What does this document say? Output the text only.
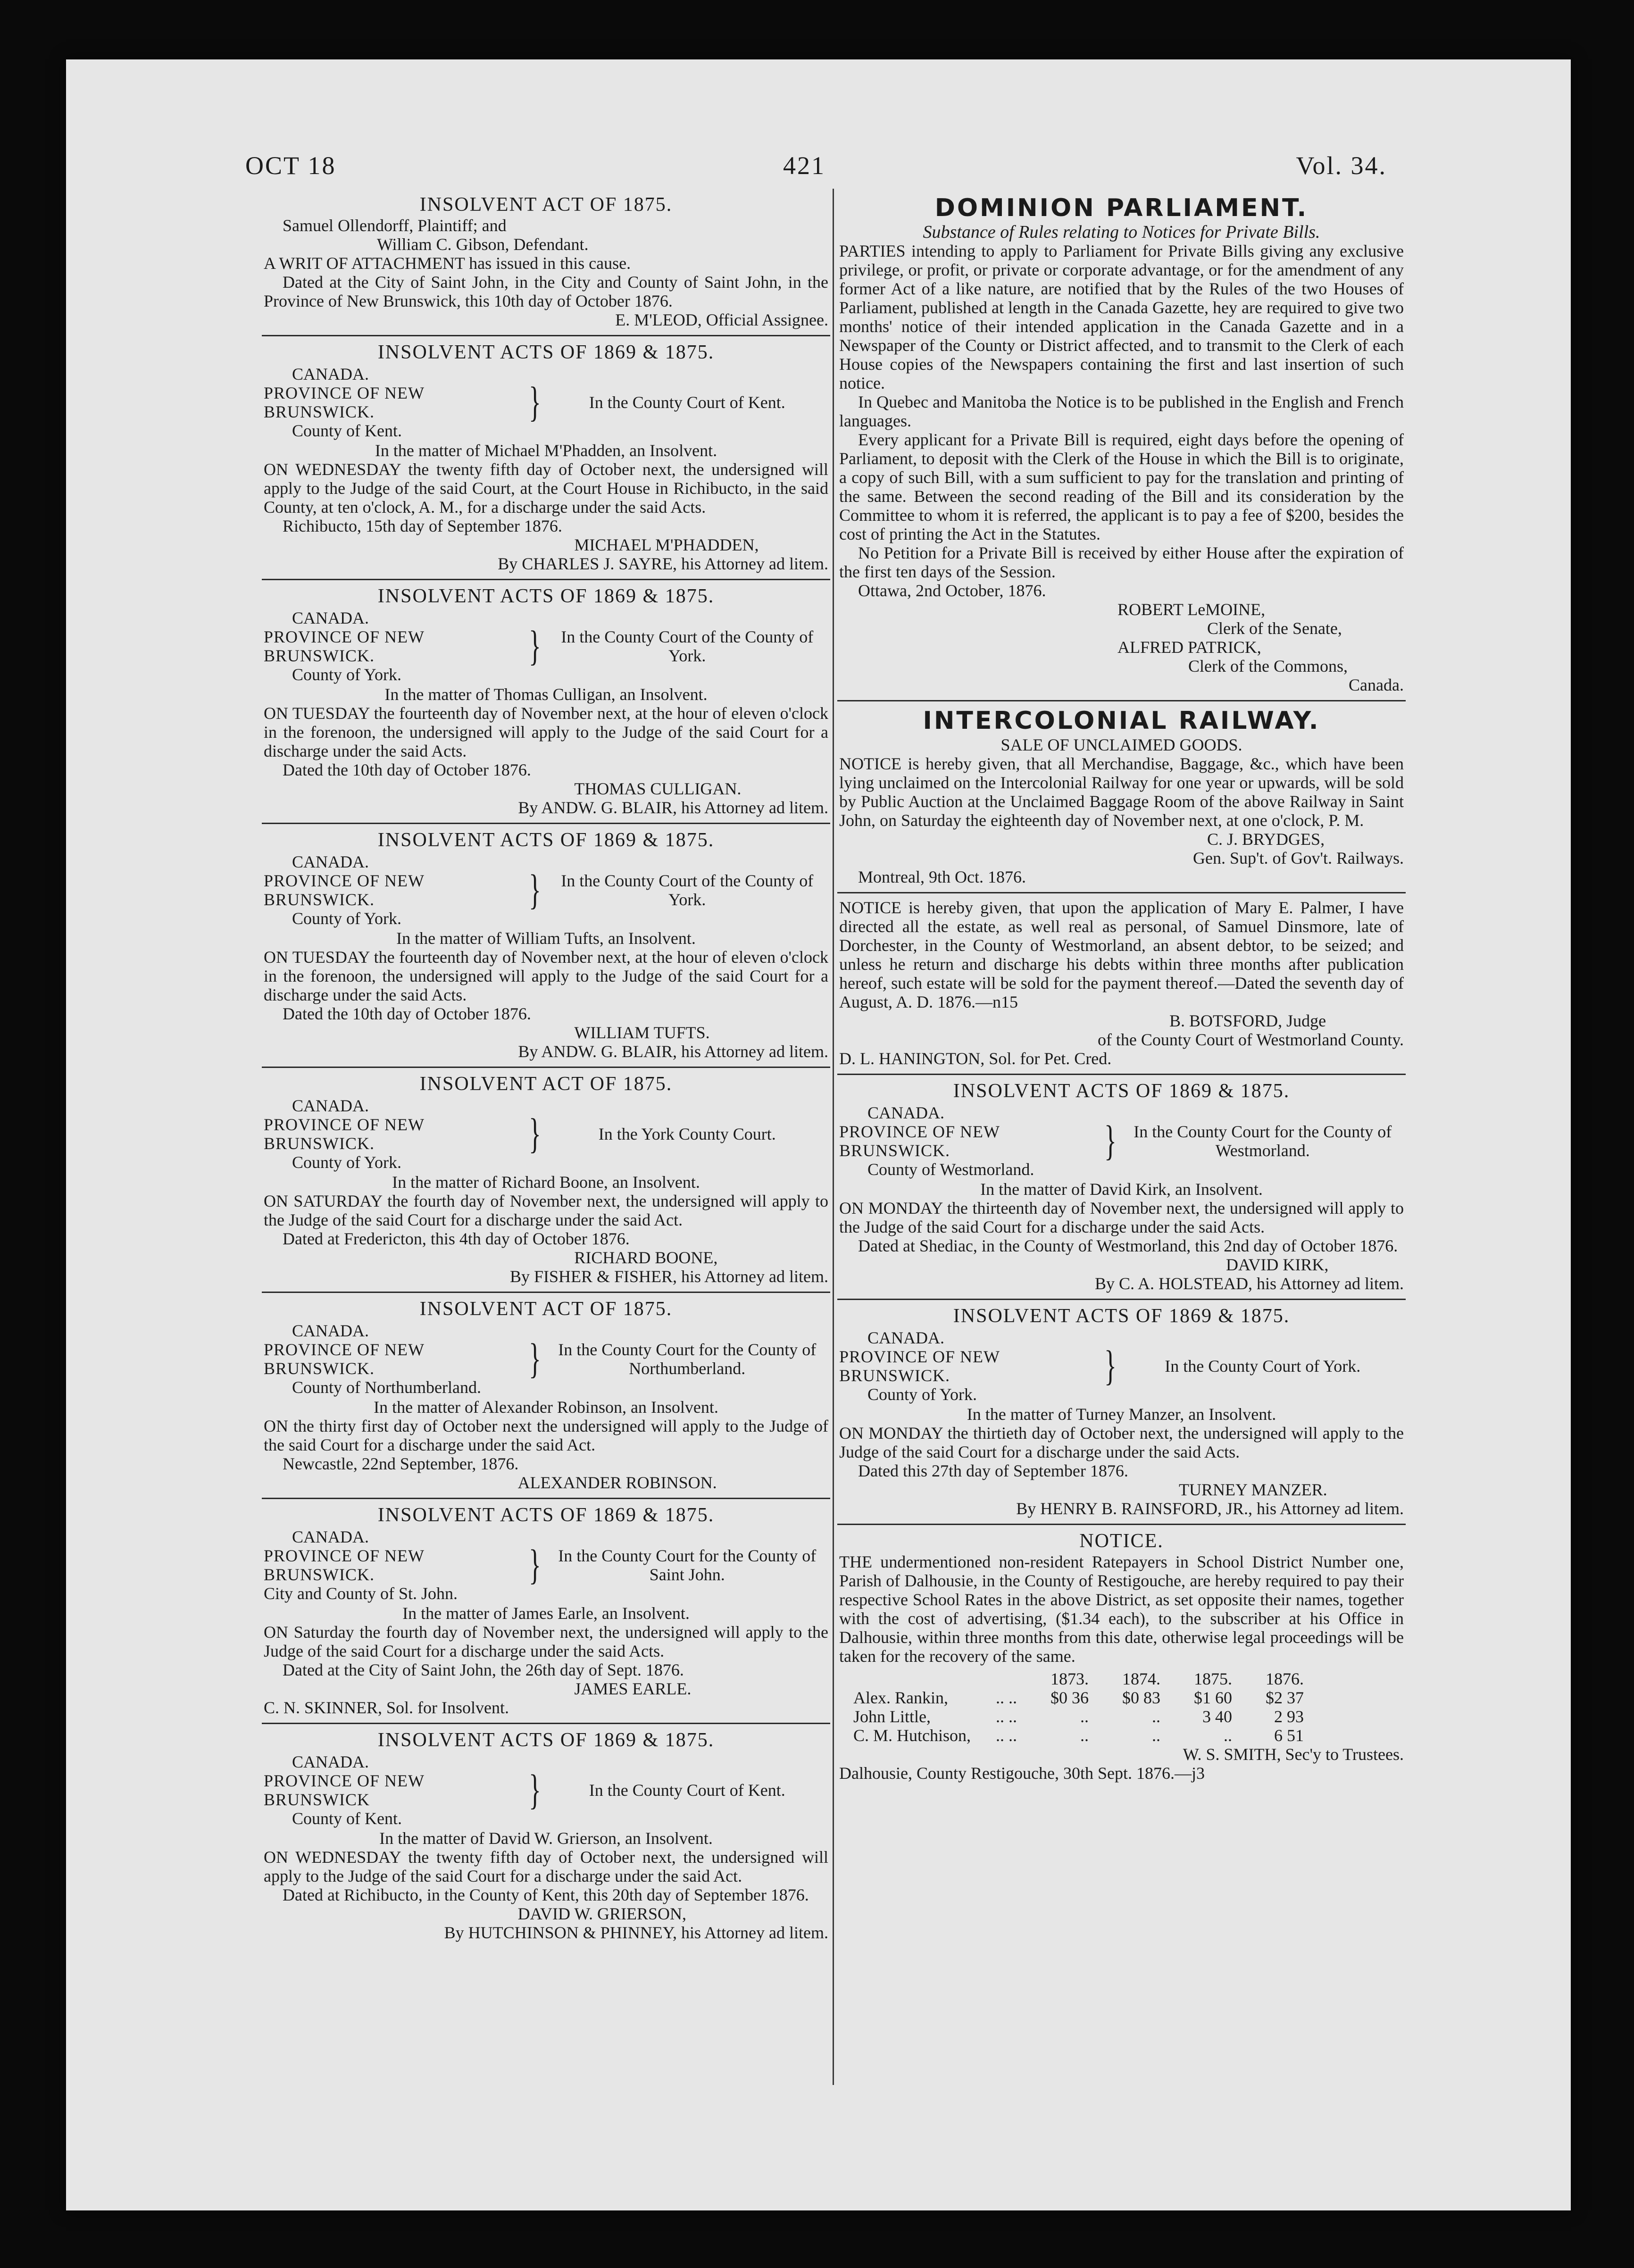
OCT 18	421	Vol. 34.
INSOLVENT ACT OF 1875.
Samuel Ollendorff, Plaintiff; and
William C. Gibson, Defendant.
A WRIT OF ATTACHMENT has issued in this cause.
Dated at the City of Saint John, in the City and County of Saint John, in the Province of New Brunswick, this 10th day of October 1876.
E. M'LEOD, Official Assignee.
INSOLVENT ACTS OF 1869 & 1875.
CANADA.
PROVINCE OF NEW BRUNSWICK.
County of Kent.
}	In the County Court of Kent.
In the matter of Michael M'Phadden, an Insolvent.
ON WEDNESDAY the twenty fifth day of October next, the undersigned will apply to the Judge of the said Court, at the Court House in Richibucto, in the said County, at ten o'clock, A. M., for a discharge under the said Acts.
Richibucto, 15th day of September 1876.
MICHAEL M'PHADDEN,
By CHARLES J. SAYRE, his Attorney ad litem.
INSOLVENT ACTS OF 1869 & 1875.
CANADA.
PROVINCE OF NEW BRUNSWICK.
County of York.
}	In the County Court of the County of York.
In the matter of Thomas Culligan, an Insolvent.
ON TUESDAY the fourteenth day of November next, at the hour of eleven o'clock in the forenoon, the undersigned will apply to the Judge of the said Court for a discharge under the said Acts.
Dated the 10th day of October 1876.
THOMAS CULLIGAN.
By ANDW. G. BLAIR, his Attorney ad litem.
INSOLVENT ACTS OF 1869 & 1875.
CANADA.
PROVINCE OF NEW BRUNSWICK.
County of York.
}	In the County Court of the County of York.
In the matter of William Tufts, an Insolvent.
ON TUESDAY the fourteenth day of November next, at the hour of eleven o'clock in the forenoon, the undersigned will apply to the Judge of the said Court for a discharge under the said Acts.
Dated the 10th day of October 1876.
WILLIAM TUFTS.
By ANDW. G. BLAIR, his Attorney ad litem.
INSOLVENT ACT OF 1875.
CANADA.
PROVINCE OF NEW BRUNSWICK.
County of York.
}	In the York County Court.
In the matter of Richard Boone, an Insolvent.
ON SATURDAY the fourth day of November next, the undersigned will apply to the Judge of the said Court for a discharge under the said Act.
Dated at Fredericton, this 4th day of October 1876.
RICHARD BOONE,
By FISHER & FISHER, his Attorney ad litem.
INSOLVENT ACT OF 1875.
CANADA.
PROVINCE OF NEW BRUNSWICK.
County of Northumberland.
}	In the County Court for the County of Northumberland.
In the matter of Alexander Robinson, an Insolvent.
ON the thirty first day of October next the undersigned will apply to the Judge of the said Court for a discharge under the said Act.
Newcastle, 22nd September, 1876.
ALEXANDER ROBINSON.
INSOLVENT ACTS OF 1869 & 1875.
CANADA.
PROVINCE OF NEW BRUNSWICK.
City and County of St. John.
}	In the County Court for the County of Saint John.
In the matter of James Earle, an Insolvent.
ON Saturday the fourth day of November next, the undersigned will apply to the Judge of the said Court for a discharge under the said Acts.
Dated at the City of Saint John, the 26th day of Sept. 1876.
JAMES EARLE.
C. N. SKINNER, Sol. for Insolvent.
INSOLVENT ACTS OF 1869 & 1875.
CANADA.
PROVINCE OF NEW BRUNSWICK
County of Kent.
}	In the County Court of Kent.
In the matter of David W. Grierson, an Insolvent.
ON WEDNESDAY the twenty fifth day of October next, the undersigned will apply to the Judge of the said Court for a discharge under the said Act.
Dated at Richibucto, in the County of Kent, this 20th day of September 1876.
DAVID W. GRIERSON,
By HUTCHINSON & PHINNEY, his Attorney ad litem.
DOMINION PARLIAMENT.
Substance of Rules relating to Notices for Private Bills.
PARTIES intending to apply to Parliament for Private Bills giving any exclusive privilege, or profit, or private or corporate advantage, or for the amendment of any former Act of a like nature, are notified that by the Rules of the two Houses of Parliament, published at length in the Canada Gazette, hey are required to give two months' notice of their intended application in the Canada Gazette and in a Newspaper of the County or District affected, and to transmit to the Clerk of each House copies of the Newspapers containing the first and last insertion of such notice.
In Quebec and Manitoba the Notice is to be published in the English and French languages.
Every applicant for a Private Bill is required, eight days before the opening of Parliament, to deposit with the Clerk of the House in which the Bill is to originate, a copy of such Bill, with a sum sufficient to pay for the translation and printing of the same. Between the second reading of the Bill and its consideration by the Committee to whom it is referred, the applicant is to pay a fee of $200, besides the cost of printing the Act in the Statutes.
No Petition for a Private Bill is received by either House after the expiration of the first ten days of the Session.
Ottawa, 2nd October, 1876.
ROBERT LeMOINE,
Clerk of the Senate,
ALFRED PATRICK,
Clerk of the Commons,
Canada.
INTERCOLONIAL RAILWAY.
SALE OF UNCLAIMED GOODS.
NOTICE is hereby given, that all Merchandise, Baggage, &c., which have been lying unclaimed on the Intercolonial Railway for one year or upwards, will be sold by Public Auction at the Unclaimed Baggage Room of the above Railway in Saint John, on Saturday the eighteenth day of November next, at one o'clock, P. M.
C. J. BRYDGES,
Gen. Sup't. of Gov't. Railways.
Montreal, 9th Oct. 1876.
NOTICE is hereby given, that upon the application of Mary E. Palmer, I have directed all the estate, as well real as personal, of Samuel Dinsmore, late of Dorchester, in the County of Westmorland, an absent debtor, to be seized; and unless he return and discharge his debts within three months after publication hereof, such estate will be sold for the payment thereof.—Dated the seventh day of August, A. D. 1876.—n15
B. BOTSFORD, Judge
of the County Court of Westmorland County.
D. L. HANINGTON, Sol. for Pet. Cred.
INSOLVENT ACTS OF 1869 & 1875.
CANADA.
PROVINCE OF NEW BRUNSWICK.
County of Westmorland.
}	In the County Court for the County of Westmorland.
In the matter of David Kirk, an Insolvent.
ON MONDAY the thirteenth day of November next, the undersigned will apply to the Judge of the said Court for a discharge under the said Acts.
Dated at Shediac, in the County of Westmorland, this 2nd day of October 1876.
DAVID KIRK,
By C. A. HOLSTEAD, his Attorney ad litem.
INSOLVENT ACTS OF 1869 & 1875.
CANADA.
PROVINCE OF NEW BRUNSWICK.
County of York.
}	In the County Court of York.
In the matter of Turney Manzer, an Insolvent.
ON MONDAY the thirtieth day of October next, the undersigned will apply to the Judge of the said Court for a discharge under the said Acts.
Dated this 27th day of September 1876.
TURNEY MANZER.
By HENRY B. RAINSFORD, JR., his Attorney ad litem.
NOTICE.
THE undermentioned non-resident Ratepayers in School District Number one, Parish of Dalhousie, in the County of Restigouche, are hereby required to pay their respective School Rates in the above District, as set opposite their names, together with the cost of advertising, ($1.34 each), to the subscriber at his Office in Dalhousie, within three months from this date, otherwise legal proceedings will be taken for the recovery of the same.
		1873.	1874.	1875.	1876.
Alex. Rankin,	.. ..	$0 36	$0 83	$1 60	$2 37
John Little,	.. ..	..	..	3 40	2 93
C. M. Hutchison,	.. ..	..	..	..	6 51
W. S. SMITH, Sec'y to Trustees.
Dalhousie, County Restigouche, 30th Sept. 1876.—j3
